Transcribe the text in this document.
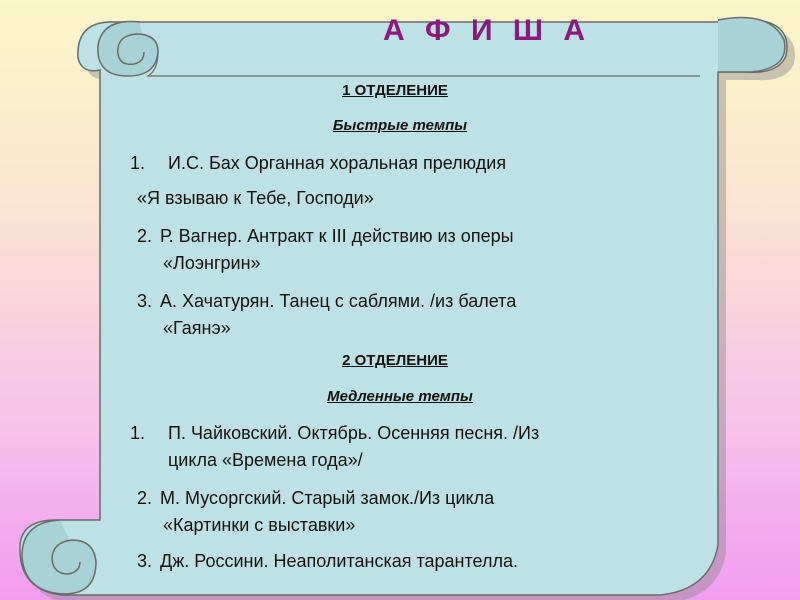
А Ф И Ш А
1 ОТДЕЛЕНИЕ
Быстрые темпы
1. И.С. Бах Органная хоральная прелюдия
«Я взываю к Тебе, Господи»
2. Р. Вагнер. Антракт к III действию из оперы
«Лоэнгрин»
3. А. Хачатурян. Танец с саблями. /из балета
«Гаянэ»
2 ОТДЕЛЕНИЕ
Медленные темпы
1. П. Чайковский. Октябрь. Осенняя песня. /Из
цикла «Времена года»/
2. М. Мусоргский. Старый замок./Из цикла
«Картинки с выставки»
3. Дж. Россини. Неаполитанская тарантелла.
